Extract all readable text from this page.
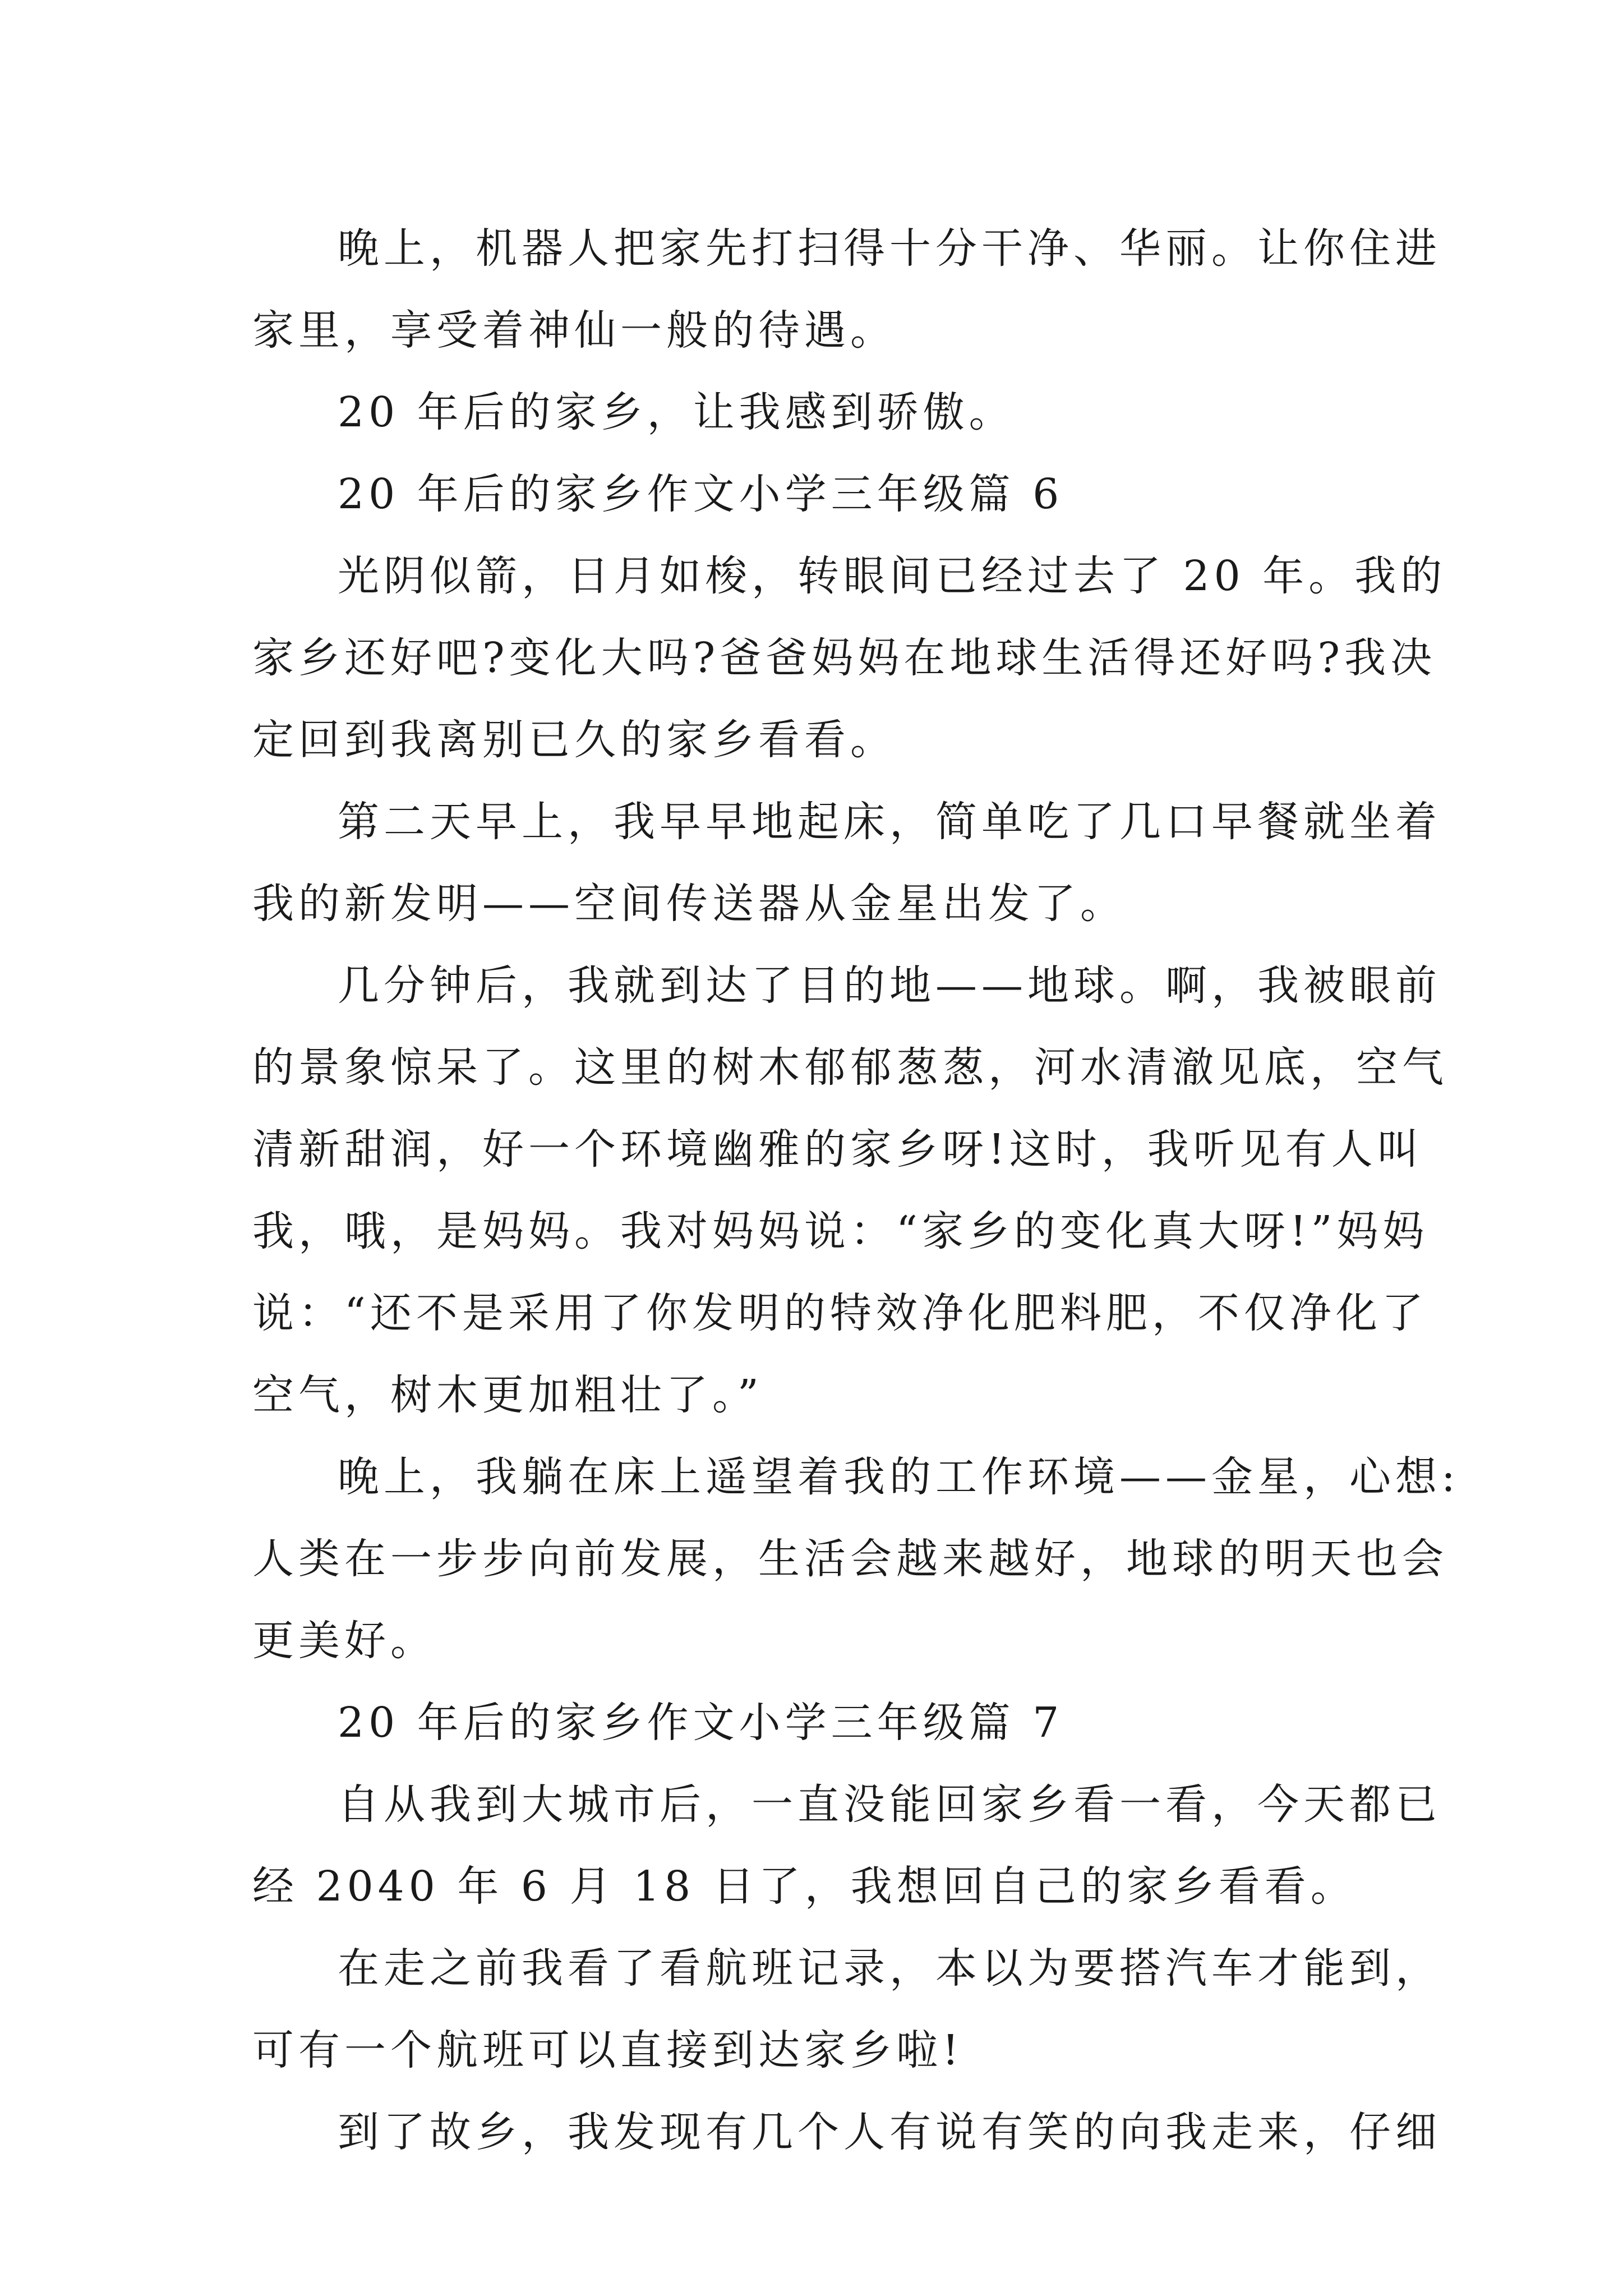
晚上，机器人把家先打扫得十分干净、华丽。让你住进
家里，享受着神仙一般的待遇。
20 年后的家乡，让我感到骄傲。
20 年后的家乡作文小学三年级篇 6
光阴似箭，日月如梭，转眼间已经过去了 20 年。我的
家乡还好吧?变化大吗?爸爸妈妈在地球生活得还好吗?我决
定回到我离别已久的家乡看看。
第二天早上，我早早地起床，简单吃了几口早餐就坐着
我的新发明——空间传送器从金星出发了。
几分钟后，我就到达了目的地——地球。啊，我被眼前
的景象惊呆了。这里的树木郁郁葱葱，河水清澈见底，空气
清新甜润，好一个环境幽雅的家乡呀!这时，我听见有人叫
我，哦，是妈妈。我对妈妈说：“家乡的变化真大呀!”妈妈
说：“还不是采用了你发明的特效净化肥料肥，不仅净化了
空气，树木更加粗壮了。”
晚上，我躺在床上遥望着我的工作环境——金星，心想:
人类在一步步向前发展，生活会越来越好，地球的明天也会
更美好。
20 年后的家乡作文小学三年级篇 7
自从我到大城市后，一直没能回家乡看一看，今天都已
经 2040 年 6 月 18 日了，我想回自己的家乡看看。
在走之前我看了看航班记录，本以为要搭汽车才能到，
可有一个航班可以直接到达家乡啦!
到了故乡，我发现有几个人有说有笑的向我走来，仔细
